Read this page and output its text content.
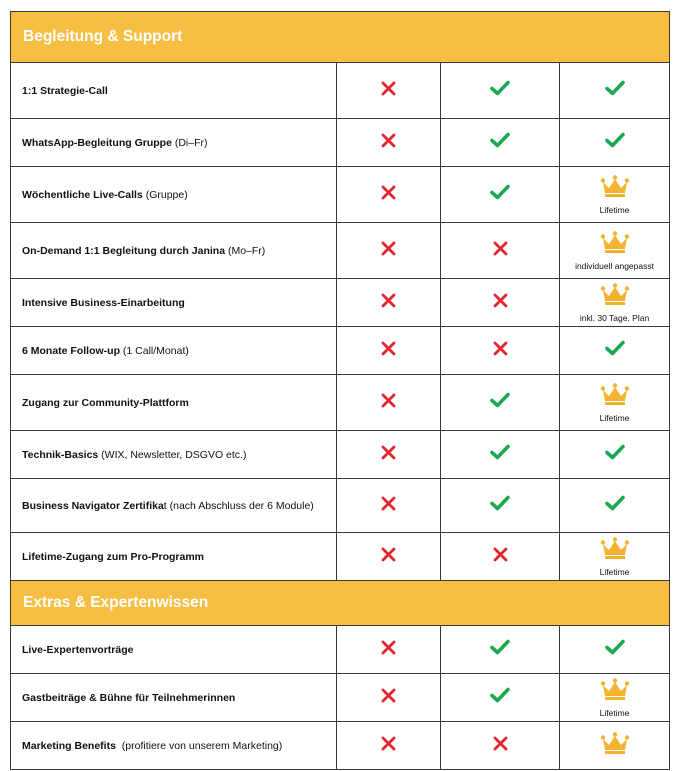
Begleitung & Support			
1:1 Strategie-Call			
WhatsApp-Begleitung Gruppe (Di–Fr)			
Wöchentliche Live-Calls (Gruppe)			Lifetime

On-Demand 1:1 Begleitung durch Janina (Mo–Fr)			individuell angepasst

Intensive Business-Einarbeitung			inkl. 30 Tage. Plan

6 Monate Follow-up (1 Call/Monat)			
Zugang zur Community-Plattform			Lifetime

Technik-Basics (WIX, Newsletter, DSGVO etc.)			
Business Navigator Zertifikat (nach Abschluss der 6 Module)			
Lifetime-Zugang zum Pro-Programm			Lifetime

Extras & Expertenwissen			
Live-Expertenvorträge			
Gastbeiträge & Bühne für Teilnehmerinnen			Lifetime

Marketing Benefits  (profitiere von unserem Marketing)			
